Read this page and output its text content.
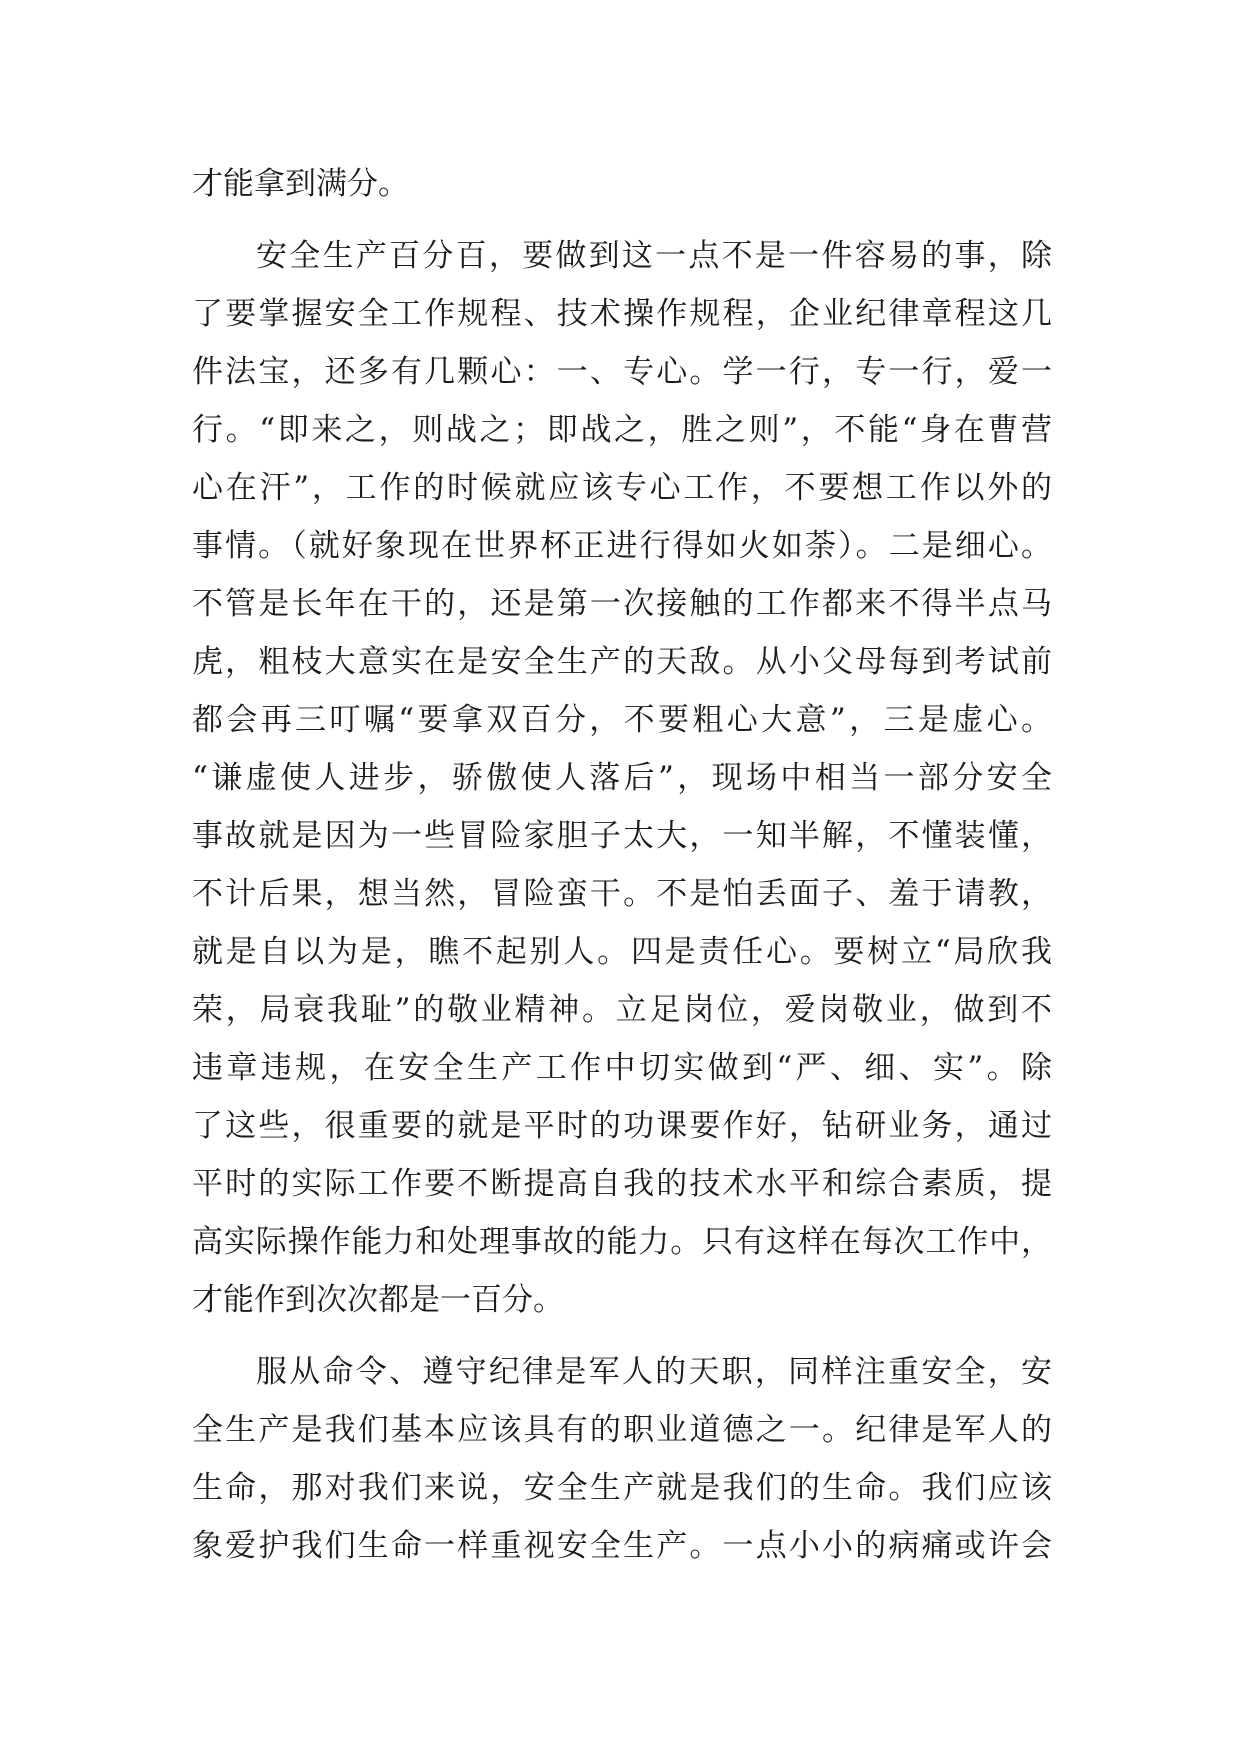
才能拿到满分。
安全生产百分百，要做到这一点不是一件容易的事，除
了要掌握安全工作规程、技术操作规程，企业纪律章程这几
件法宝，还多有几颗心：一、专心。学一行，专一行，爱一
行。“即来之，则战之；即战之，胜之则”，不能“身在曹营
心在汗”，工作的时候就应该专心工作，不要想工作以外的
事情。（就好象现在世界杯正进行得如火如荼）。二是细心。
不管是长年在干的，还是第一次接触的工作都来不得半点马
虎，粗枝大意实在是安全生产的天敌。从小父母每到考试前
都会再三叮嘱“要拿双百分，不要粗心大意”，三是虚心。
“谦虚使人进步，骄傲使人落后”，现场中相当一部分安全
事故就是因为一些冒险家胆子太大，一知半解，不懂装懂，
不计后果，想当然，冒险蛮干。不是怕丢面子、羞于请教，
就是自以为是，瞧不起别人。四是责任心。要树立“局欣我
荣，局衰我耻”的敬业精神。立足岗位，爱岗敬业，做到不
违章违规，在安全生产工作中切实做到“严、细、实”。除
了这些，很重要的就是平时的功课要作好，钻研业务，通过
平时的实际工作要不断提高自我的技术水平和综合素质，提
高实际操作能力和处理事故的能力。只有这样在每次工作中，
才能作到次次都是一百分。
服从命令、遵守纪律是军人的天职，同样注重安全，安
全生产是我们基本应该具有的职业道德之一。纪律是军人的
生命，那对我们来说，安全生产就是我们的生命。我们应该
象爱护我们生命一样重视安全生产。一点小小的病痛或许会
